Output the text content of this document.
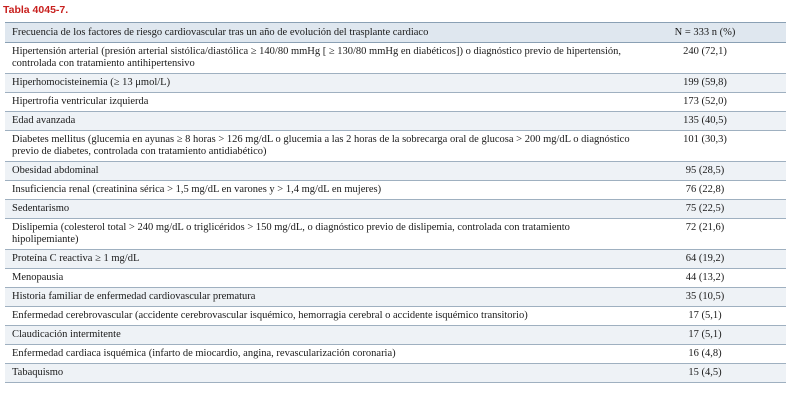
Tabla 4045-7.
Frecuencia de los factores de riesgo cardiovascular tras un año de evolución del trasplante cardiaco	N = 333 n (%)

Hipertensión arterial (presión arterial sistólica/diastólica ≥ 140/80 mmHg [ ≥ 130/80 mmHg en diabéticos]) o diagnóstico previo de hipertensión, controlada con tratamiento antihipertensivo	240 (72,1)

Hiperhomocisteinemia (≥ 13 μmol/L)	199 (59,8)

Hipertrofia ventricular izquierda	173 (52,0)

Edad avanzada	135 (40,5)

Diabetes mellitus (glucemia en ayunas ≥ 8 horas > 126 mg/dL o glucemia a las 2 horas de la sobrecarga oral de glucosa > 200 mg/dL o diagnóstico previo de diabetes, controlada con tratamiento antidiabético)	101 (30,3)

Obesidad abdominal	95 (28,5)

Insuficiencia renal (creatinina sérica > 1,5 mg/dL en varones y > 1,4 mg/dL en mujeres)	76 (22,8)

Sedentarismo	75 (22,5)

Dislipemia (colesterol total > 240 mg/dL o triglicéridos > 150 mg/dL, o diagnóstico previo de dislipemia, controlada con tratamiento hipolipemiante)	72 (21,6)

Proteína C reactiva ≥ 1 mg/dL	64 (19,2)

Menopausia	44 (13,2)

Historia familiar de enfermedad cardiovascular prematura	35 (10,5)

Enfermedad cerebrovascular (accidente cerebrovascular isquémico, hemorragia cerebral o accidente isquémico transitorio)	17 (5,1)

Claudicación intermitente	17 (5,1)

Enfermedad cardiaca isquémica (infarto de miocardio, angina, revascularización coronaria)	16 (4,8)

Tabaquismo	15 (4,5)
